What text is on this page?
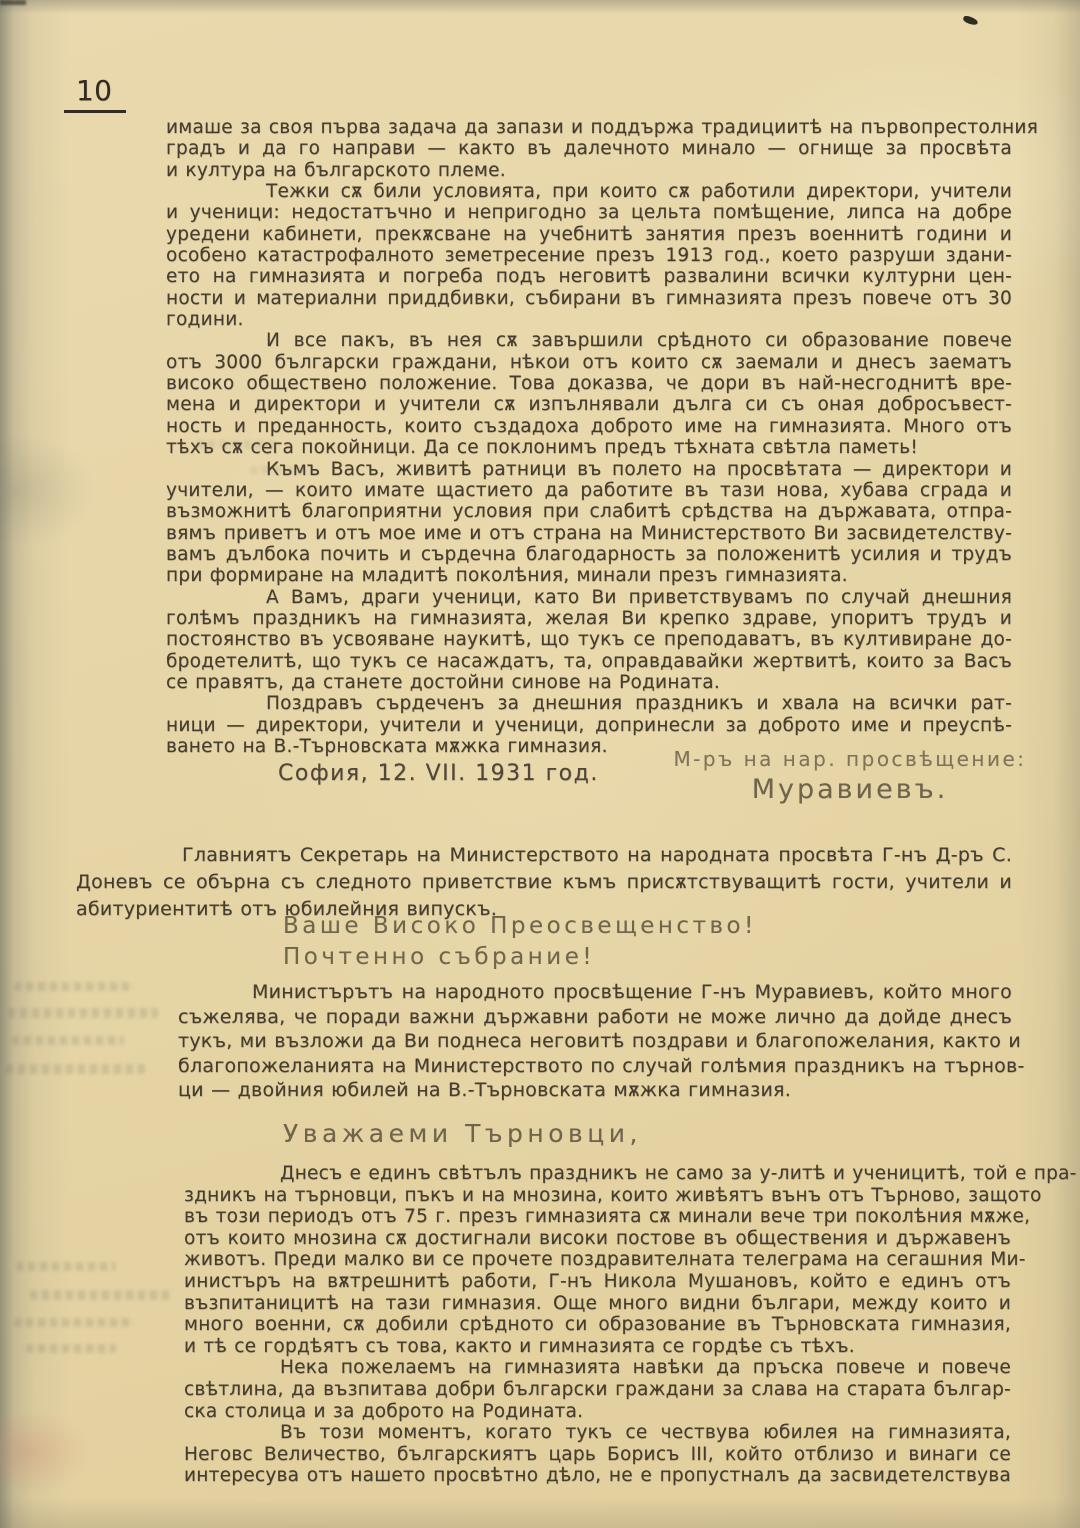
10
имаше за своя първа задача да запази и поддържа традициитѣ на първопрестолния
градъ и да го направи — както въ далечното минало — огнище за просвѣта
и култура на българското племе.
Тежки сѫ били условията, при които сѫ работили директори, учители
и ученици: недостатъчно и непригодно за цельта помѣщение, липса на добре
уредени кабинети, прекѫсване на учебнитѣ занятия презъ военнитѣ години и
особено катастрофалното земетресение презъ 1913 год., което разруши здани-
ето на гимназията и погреба подъ неговитѣ развалини всички културни цен-
ности и материални приддбивки, събирани въ гимназията презъ повече отъ 30
години.
И все пакъ, въ нея сѫ завършили срѣдното си образование повече
отъ 3000 български граждани, нѣкои отъ които сѫ заемали и днесъ заематъ
високо обществено положение. Това доказва, че дори въ най-несгоднитѣ вре-
мена и директори и учители сѫ изпълнявали дълга си съ оная добросъвест-
ность и преданность, които създадоха доброто име на гимназията. Много отъ
тѣхъ сѫ сега покойници. Да се поклонимъ предъ тѣхната свѣтла паметь!
Къмъ Васъ, живитѣ ратници въ полето на просвѣтата — директори и
учители, — които имате щастието да работите въ тази нова, хубава сграда и
възможнитѣ благоприятни условия при слабитѣ срѣдства на държавата, отпра-
вямъ приветъ и отъ мое име и отъ страна на Министерството Ви засвидетелству-
вамъ дълбока почить и сърдечна благодарность за положенитѣ усилия и трудъ
при формиране на младитѣ поколѣния, минали презъ гимназията.
А Вамъ, драги ученици, като Ви приветствувамъ по случай днешния
голѣмъ праздникъ на гимназията, желая Ви крепко здраве, упоритъ трудъ и
постоянство въ усвояване наукитѣ, що тукъ се преподаватъ, въ култивиране до-
бродетелитѣ, що тукъ се насаждатъ, та, оправдавайки жертвитѣ, които за Васъ
се правятъ, да станете достойни синове на Родината.
Поздравъ сърдеченъ за днешния праздникъ и хвала на всички рат-
ници — директори, учители и ученици, допринесли за доброто име и преуспѣ-
ването на В.-Търновската мѫжка гимназия.
София, 12. VII. 1931 год.
М-ръ на нар. просвѣщение:
Муравиевъ.
Главниятъ Секретарь на Министерството на народната просвѣта Г-нъ Д-ръ С.
Доневъ се обърна съ следното приветствие къмъ присѫтствуващитѣ гости, учители и
абитуриентитѣ отъ юбилейния випускъ.
Ваше Високо Преосвещенство!
Почтенно събрание!
Министърътъ на народното просвѣщение Г-нъ Муравиевъ, който много
съжелява, че поради важни държавни работи не може лично да дойде днесъ
тукъ, ми възложи да Ви поднеса неговитѣ поздрави и благопожелания, както и
благопожеланията на Министерството по случай голѣмия праздникъ на търнов-
ци — двойния юбилей на В.-Търновската мѫжка гимназия.
Уважаеми Търновци,
Днесъ е единъ свѣтълъ праздникъ не само за у-литѣ и ученицитѣ, той е пра-
здникъ на търновци, пъкъ и на мнозина, които живѣятъ вънъ отъ Търново, защото
въ този периодъ отъ 75 г. презъ гимназията сѫ минали вече три поколѣния мѫже,
отъ които мнозина сѫ достигнали високи постове въ обществения и държавенъ
животъ. Преди малко ви се прочете поздравителната телеграма на сегашния Ми-
инистъръ на вѫтрешнитѣ работи, Г-нъ Никола Мушановъ, който е единъ отъ
възпитаницитѣ на тази гимназия. Още много видни българи, между които и
много военни, сѫ добили срѣдното си образование въ Търновската гимназия,
и тѣ се гордѣятъ съ това, както и гимназията се гордѣе съ тѣхъ.
Нека пожелаемъ на гимназията навѣки да пръска повече и повече
свѣтлина, да възпитава добри български граждани за слава на старата българ-
ска столица и за доброто на Родината.
Въ този моментъ, когато тукъ се чествува юбилея на гимназията,
Неговс Величество, българскиятъ царь Борисъ III, който отблизо и винаги се
интересува отъ нашето просвѣтно дѣло, не е пропустналъ да засвидетелствува
